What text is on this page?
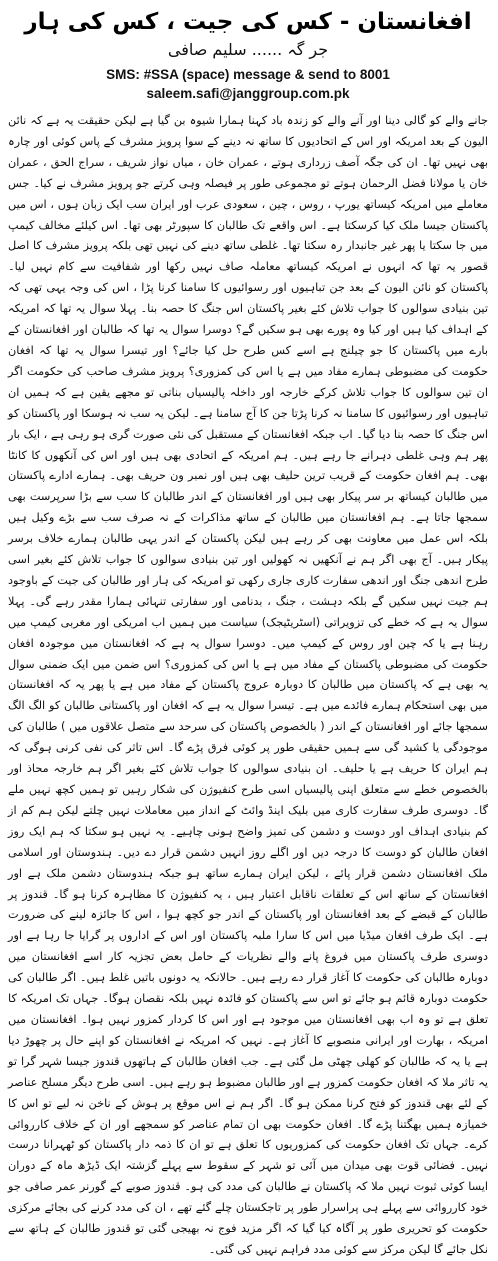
افغانستان - کس کی جیت ، کس کی ہار
جر گہ ...... سلیم صافی
SMS: #SSA (space) message & send to 8001
saleem.safi@janggroup.com.pk

جانے والے کو گالی دینا اور آنے والے کو زندہ باد کہنا ہمارا شیوہ بن گیا ہے لیکن حقیقت یہ ہے کہ نائن الیون کے بعد امریکہ اور اس کے اتحادیوں کا ساتھ نہ دینے کے سوا پرویز مشرف کے پاس کوئی اور چارہ بھی نہیں تھا۔ ان کی جگہ آصف زرداری ہوتے ، عمران خان ، میاں نواز شریف ، سراج الحق ، عمران خان یا مولانا فضل الرحمان ہوتے تو مجموعی طور پر فیصلہ وہی کرتے جو پرویز مشرف نے کیا۔ جس معاملے میں امریکہ کیساتھ یورپ ، روس ، چین ، سعودی عرب اور ایران سب ایک زبان ہوں ، اس میں پاکستان جیسا ملک کیا کرسکتا ہے۔ اس واقعے تک طالبان کا سپورٹر بھی تھا۔ اس کیلئے مخالف کیمپ میں جا سکتا یا پھر غیر جانبدار رہ سکتا تھا۔ غلطی ساتھ دینے کی نہیں تھی بلکہ پرویز مشرف کا اصل قصور یہ تھا کہ انہوں نے امریکہ کیساتھ معاملہ صاف نہیں رکھا اور شفافیت سے کام نہیں لیا۔ پاکستان کو نائن الیون کے بعد جن تباہیوں اور رسوائیوں کا سامنا کرنا پڑا ، اس کی وجہ یہی تھی کہ تین بنیادی سوالوں کا جواب تلاش کئے بغیر پاکستان اس جنگ کا حصہ بنا۔ پہلا سوال یہ تھا کہ امریکہ کے اہداف کیا ہیں اور کیا وہ پورے بھی ہو سکیں گے؟ دوسرا سوال یہ تھا کہ طالبان اور افغانستان کے بارے میں پاکستان کا جو چیلنج ہے اسے کس طرح حل کیا جائے؟ اور تیسرا سوال یہ تھا کہ افغان حکومت کی مضبوطی ہمارے مفاد میں ہے یا اس کی کمزوری؟ پرویز مشرف صاحب کی حکومت اگر ان تین سوالوں کا جواب تلاش کرکے خارجہ اور داخلہ پالیسیاں بناتی تو مجھے یقین ہے کہ ہمیں ان تباہیوں اور رسوائیوں کا سامنا نہ کرنا پڑتا جن کا آج سامنا ہے۔ لیکن یہ سب نہ ہوسکا اور پاکستان کو اس جنگ کا حصہ بنا دیا گیا۔ اب جبکہ افغانستان کے مستقبل کی نئی صورت گری ہو رہی ہے ، ایک بار پھر ہم وہی غلطی دہرانے جا رہے ہیں۔ ہم امریکہ کے اتحادی بھی ہیں اور اس کی آنکھوں کا کانٹا بھی۔ ہم افغان حکومت کے قریب ترین حلیف بھی ہیں اور نمبر ون حریف بھی۔ ہمارے ادارے پاکستان میں طالبان کیساتھ بر سر پیکار بھی ہیں اور افغانستان کے اندر طالبان کا سب سے بڑا سرپرست بھی سمجھا جاتا ہے۔ ہم افغانستان میں طالبان کے ساتھ مذاکرات کے نہ صرف سب سے بڑے وکیل ہیں بلکہ اس عمل میں معاونت بھی کر رہے ہیں لیکن پاکستان کے اندر یہی طالبان ہمارے خلاف برسر پیکار ہیں۔ آج بھی اگر ہم نے آنکھیں نہ کھولیں اور تین بنیادی سوالوں کا جواب تلاش کئے بغیر اسی طرح اندھی جنگ اور اندھی سفارت کاری جاری رکھی تو امریکہ کی ہار اور طالبان کی جیت کے باوجود ہم جیت نہیں سکیں گے بلکہ دہشت ، جنگ ، بدنامی اور سفارتی تنہائی ہمارا مقدر رہے گی۔ پہلا سوال یہ ہے کہ خطے کی تزویراتی (اسٹریٹیجک) سیاست میں ہمیں اب امریکی اور مغربی کیمپ میں رہنا ہے یا کہ چین اور روس کے کیمپ میں۔ دوسرا سوال یہ ہے کہ افغانستان میں موجودہ افغان حکومت کی مضبوطی پاکستان کے مفاد میں ہے یا اس کی کمزوری؟ اس ضمن میں ایک ضمنی سوال یہ بھی ہے کہ پاکستان میں طالبان کا دوبارہ عروج پاکستان کے مفاد میں ہے یا پھر یہ کہ افغانستان میں بھی استحکام ہمارے فائدے میں ہے۔ تیسرا سوال یہ ہے کہ افغان اور پاکستانی طالبان کو الگ الگ سمجھا جائے اور افغانستان کے اندر ( بالخصوص پاکستان کی سرحد سے متصل علاقوں میں ) طالبان کی موجودگی یا کشید گی سے ہمیں حقیقی طور پر کوئی فرق پڑے گا۔ اس تاثر کی نفی کرنی ہوگی کہ ہم ایران کا حریف ہے یا حلیف۔ ان بنیادی سوالوں کا جواب تلاش کئے بغیر اگر ہم خارجہ محاذ اور بالخصوص خطے سے متعلق اپنی پالیسیاں اسی طرح کنفیوژن کی شکار رہیں تو ہمیں کچھ نہیں ملے گا۔ دوسری طرف سفارت کاری میں بلیک اینڈ وائٹ کے انداز میں معاملات نہیں چلتے لیکن ہم کم از کم بنیادی اہداف اور دوست و دشمن کی تمیز واضح ہونی چاہیے۔ یہ نہیں ہو سکتا کہ ہم ایک روز افغان طالبان کو دوست کا درجہ دیں اور اگلے روز انہیں دشمن قرار دے دیں۔ ہندوستان اور اسلامی ملک افغانستان دشمن قرار پائے ، لیکن ایران ہمارے ساتھ ہو جبکہ ہندوستان دشمن ملک ہے اور افغانستان کے ساتھ اس کے تعلقات ناقابل اعتبار ہیں ، یہ کنفیوژن کا مظاہرہ کرنا ہو گا۔ قندوز پر طالبان کے قبضے کے بعد افغانستان اور پاکستان کے اندر جو کچھ ہوا ، اس کا جائزہ لینے کی ضرورت ہے۔ ایک طرف افغان میڈیا میں اس کا سارا ملبہ پاکستان اور اس کے اداروں پر گرایا جا رہا ہے اور دوسری طرف پاکستان میں فروغ پانے والے نظریات کے حامل بعض تجزیہ کار اسے افغانستان میں دوبارہ طالبان کی حکومت کا آغاز قرار دے رہے ہیں۔ حالانکہ یہ دونوں باتیں غلط ہیں۔ اگر طالبان کی حکومت دوبارہ قائم ہو جائے تو اس سے پاکستان کو فائدہ نہیں بلکہ نقصان ہوگا۔ جہاں تک امریکہ کا تعلق ہے تو وہ اب بھی افغانستان میں موجود ہے اور اس کا کردار کمزور نہیں ہوا۔ افغانستان میں امریکہ ، بھارت اور ایرانی منصوبے کا آغاز ہے۔ نہیں کہ امریکہ نے افغانستان کو اپنے حال پر چھوڑ دیا ہے یا یہ کہ طالبان کو کھلی چھٹی مل گئی ہے۔ جب افغان طالبان کے ہاتھوں قندوز جیسا شہر گرا تو یہ تاثر ملا کہ افغان حکومت کمزور ہے اور طالبان مضبوط ہو رہے ہیں۔ اسی طرح دیگر مسلح عناصر کے لئے بھی قندوز کو فتح کرنا ممکن ہو گا۔ اگر ہم نے اس موقع پر ہوش کے ناخن نہ لیے تو اس کا خمیازہ ہمیں بھگتنا پڑے گا۔ افغان حکومت بھی ان تمام عناصر کو سمجھے اور ان کے خلاف کارروائی کرے۔ جہاں تک افغان حکومت کی کمزوریوں کا تعلق ہے تو ان کا ذمہ دار پاکستان کو ٹھہرانا درست نہیں۔ فضائی قوت بھی میدان میں آئی تو شہر کے سقوط سے پہلے گزشتہ ایک ڈیڑھ ماہ کے دوران ایسا کوئی ثبوت نہیں ملا کہ پاکستان نے طالبان کی مدد کی ہو۔ قندوز صوبے کے گورنر عمر صافی جو خود کارروائی سے پہلے ہی پراسرار طور پر تاجکستان چلے گئے تھے ، ان کی مدد کرنے کی بجائے مرکزی حکومت کو تحریری طور پر آگاہ کیا گیا کہ اگر مزید فوج نہ بھیجی گئی تو قندوز طالبان کے ہاتھ سے نکل جائے گا لیکن مرکز سے کوئی مدد فراہم نہیں کی گئی۔
